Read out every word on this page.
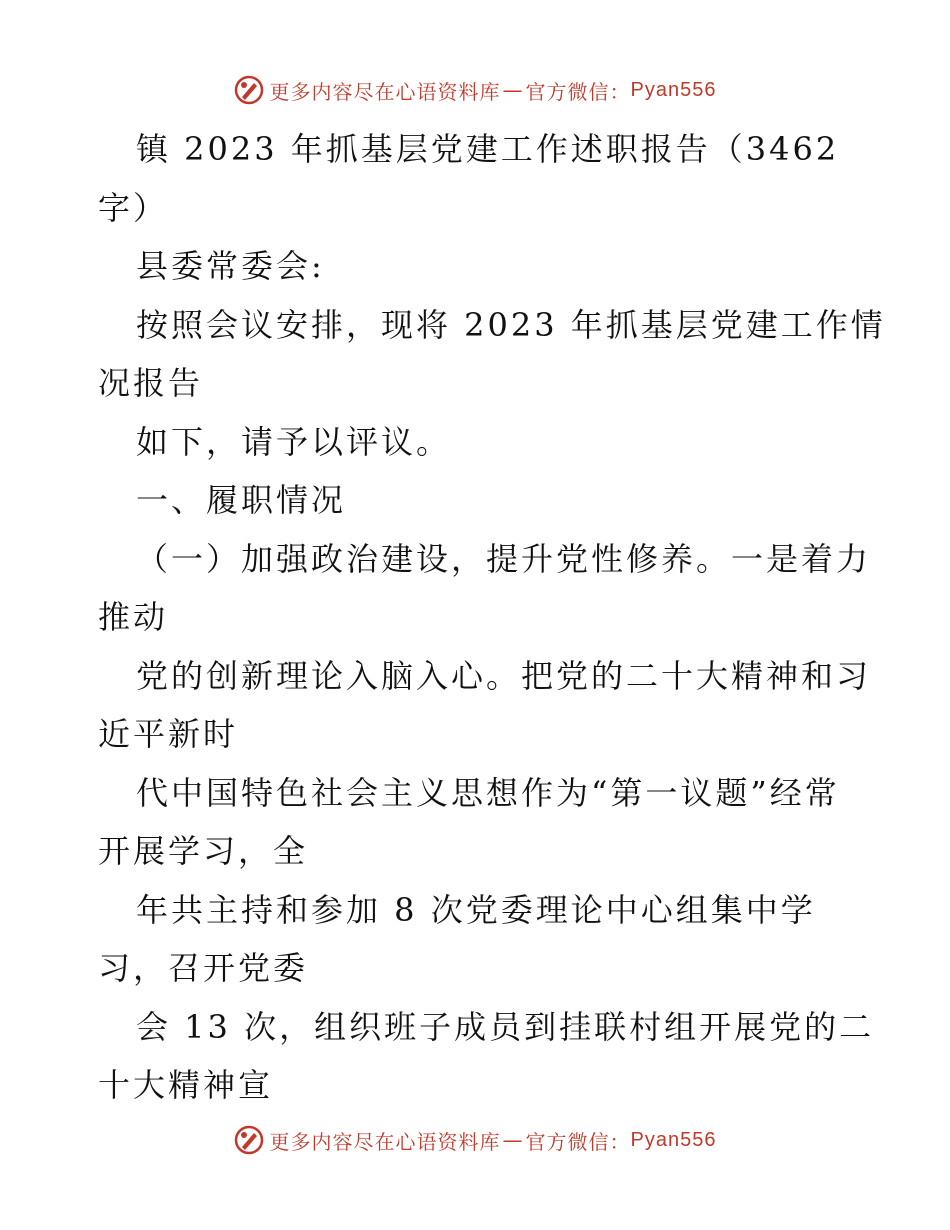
更多内容尽在心语资料库 — 官方微信： Pyan556

镇 2023 年抓基层党建工作述职报告（3462

字）

县委常委会:

按照会议安排，现将 2023 年抓基层党建工作情

况报告

如下，请予以评议。

一、履职情况

（一）加强政治建设，提升党性修养。一是着力

推动

党的创新理论入脑入心。把党的二十大精神和习

近平新时

代中国特色社会主义思想作为“第一议题”经常

开展学习，全

年共主持和参加 8 次党委理论中心组集中学

习，召开党委

会 13 次，组织班子成员到挂联村组开展党的二

十大精神宣

更多内容尽在心语资料库 — 官方微信： Pyan556
